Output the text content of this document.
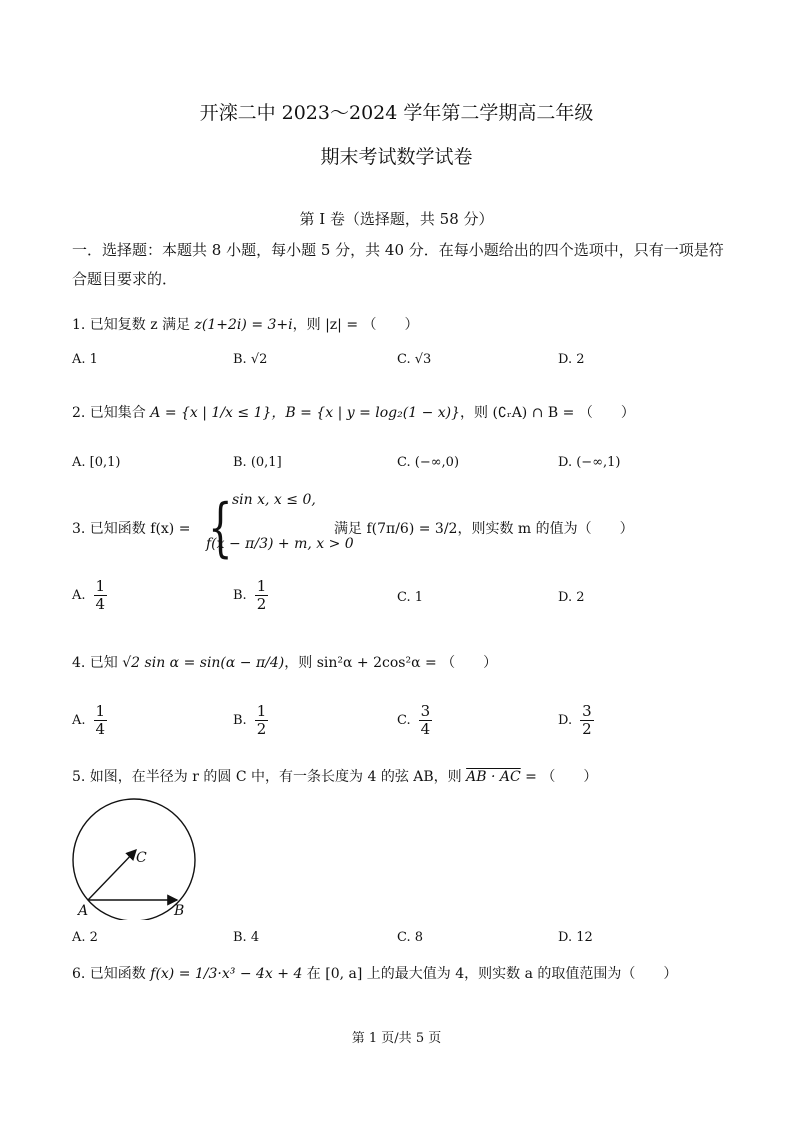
开滦二中 2023～2024 学年第二学期高二年级
期末考试数学试卷
第 I 卷（选择题，共 58 分）
一．选择题：本题共 8 小题，每小题 5 分，共 40 分．在每小题给出的四个选项中，只有一项是符合题目要求的．
1. 已知复数 z 满足 z(1+2i) = 3+i，则 |z| = （　　）
A. 1	B. √2	C. √3	D. 2
2. 已知集合 A = {x | 1/x ≤ 1}，B = {x | y = log₂(1 − x)}，则 (∁ᵣA) ∩ B = （　　）
A. [0,1)	B. (0,1]	C. (−∞,0)	D. (−∞,1)
3. 已知函数 f(x) = { sin x, x ≤ 0,
f(x − π/3) + m, x > 0
满足 f(7π/6) = 3/2，则实数 m 的值为（　　）
A. $\frac{1}{4}$	B. $\frac{1}{2}$	C. 1	D. 2
4. 已知 √2 sin α = sin(α − π/4)，则 sin²α + 2cos²α = （　　）
A. $\frac{1}{4}$	B. $\frac{1}{2}$	C. $\frac{3}{4}$	D. $\frac{3}{2}$
5. 如图，在半径为 r 的圆 C 中，有一条长度为 4 的弦 AB，则 AB · AC = （　　）
C
A	B
A. 2	B. 4	C. 8	D. 12
6. 已知函数 f(x) = 1/3·x³ − 4x + 4 在 [0, a] 上的最大值为 4，则实数 a 的取值范围为（　　）
第 1 页/共 5 页
